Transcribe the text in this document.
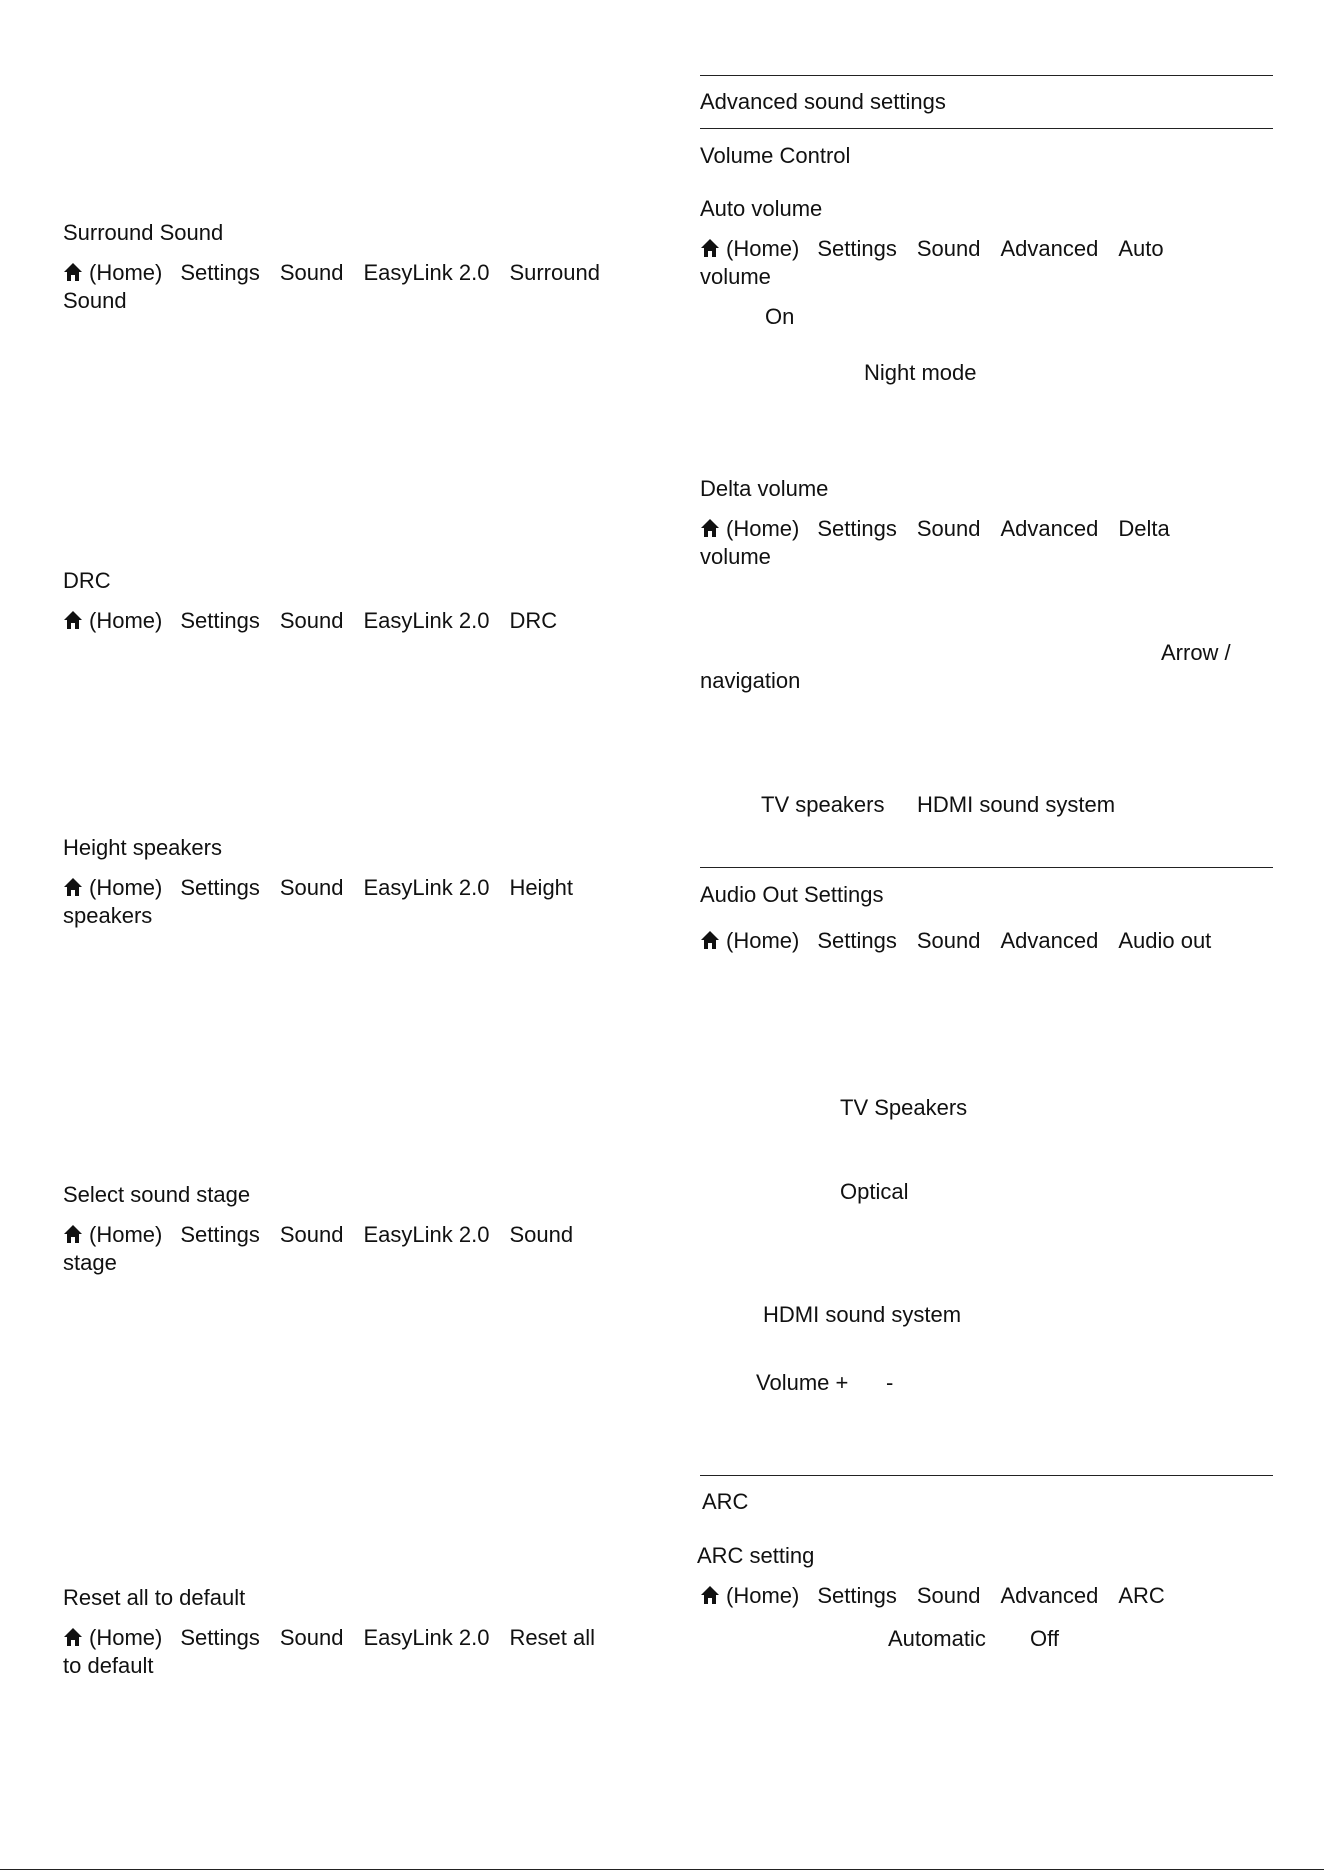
Surround Sound
(Home) Settings Sound EasyLink 2.0 Surround
Sound
DRC
(Home) Settings Sound EasyLink 2.0 DRC
Height speakers
(Home) Settings Sound EasyLink 2.0 Height
speakers
Select sound stage
(Home) Settings Sound EasyLink 2.0 Sound
stage
Reset all to default
(Home) Settings Sound EasyLink 2.0 Reset all
to default
Advanced sound settings
Volume Control
Auto volume
(Home) Settings Sound Advanced Auto
volume
On
Night mode
Delta volume
(Home) Settings Sound Advanced Delta
volume
Arrow /
navigation
TV speakers HDMI sound system
Audio Out Settings
(Home) Settings Sound Advanced Audio out
TV Speakers
Optical
HDMI sound system
Volume + -
ARC
ARC setting
(Home) Settings Sound Advanced ARC
Automatic Off
